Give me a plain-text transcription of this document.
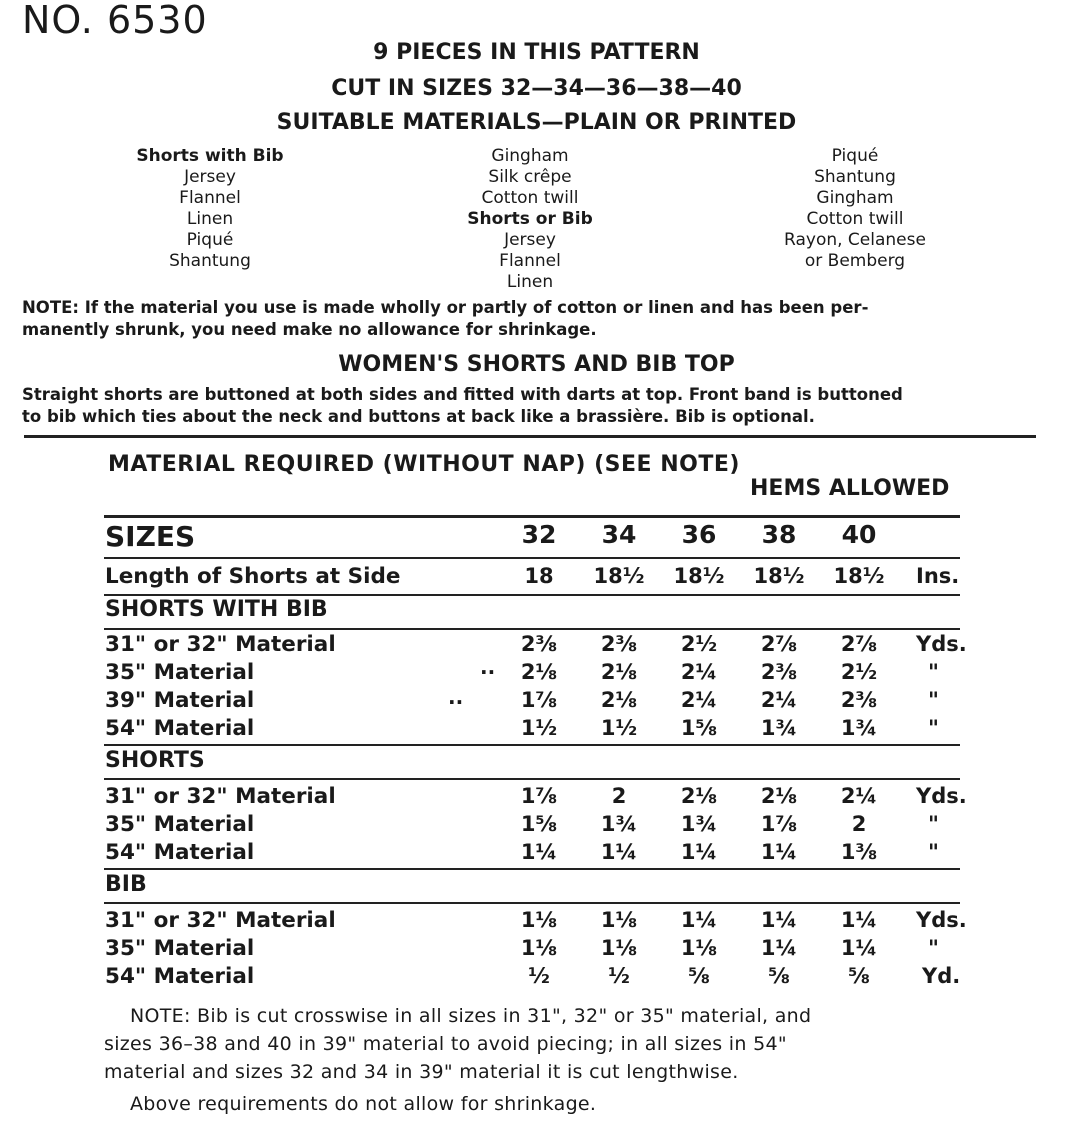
NO. 6530
9 PIECES IN THIS PATTERN
CUT IN SIZES 32—34—36—38—40
SUITABLE MATERIALS—PLAIN OR PRINTED
Shorts with Bib
Jersey
Flannel
Linen
Piqué
Shantung
Gingham
Silk crêpe
Cotton twill
Shorts or Bib
Jersey
Flannel
Linen
Piqué
Shantung
Gingham
Cotton twill
Rayon, Celanese
or Bemberg
NOTE: If the material you use is made wholly or partly of cotton or linen and has been per-
manently shrunk, you need make no allowance for shrinkage.
WOMEN'S SHORTS AND BIB TOP
Straight shorts are buttoned at both sides and fitted with darts at top. Front band is buttoned
to bib which ties about the neck and buttons at back like a brassière. Bib is optional.
MATERIAL REQUIRED (WITHOUT NAP) (SEE NOTE)
HEMS ALLOWED
SIZES	32	34	36	38	40
Length of Shorts at Side	18	18½	18½	18½	18½	Ins.
SHORTS WITH BIB
31" or 32" Material	2⅜	2⅜	2½	2⅞	2⅞	Yds.
35" Material	··	2⅛	2⅛	2¼	2⅜	2½	"
39" Material	··	1⅞	2⅛	2¼	2¼	2⅜	"
54" Material	1½	1½	1⅝	1¾	1¾	"
SHORTS
31" or 32" Material	1⅞	2	2⅛	2⅛	2¼	Yds.
35" Material	1⅝	1¾	1¾	1⅞	2	"
54" Material	1¼	1¼	1¼	1¼	1⅜	"
BIB
31" or 32" Material	1⅛	1⅛	1¼	1¼	1¼	Yds.
35" Material	1⅛	1⅛	1⅛	1¼	1¼	"
54" Material	½	½	⅝	⅝	⅝	Yd.
NOTE: Bib is cut crosswise in all sizes in 31", 32" or 35" material, and
sizes 36–38 and 40 in 39" material to avoid piecing; in all sizes in 54"
material and sizes 32 and 34 in 39" material it is cut lengthwise.
Above requirements do not allow for shrinkage.
